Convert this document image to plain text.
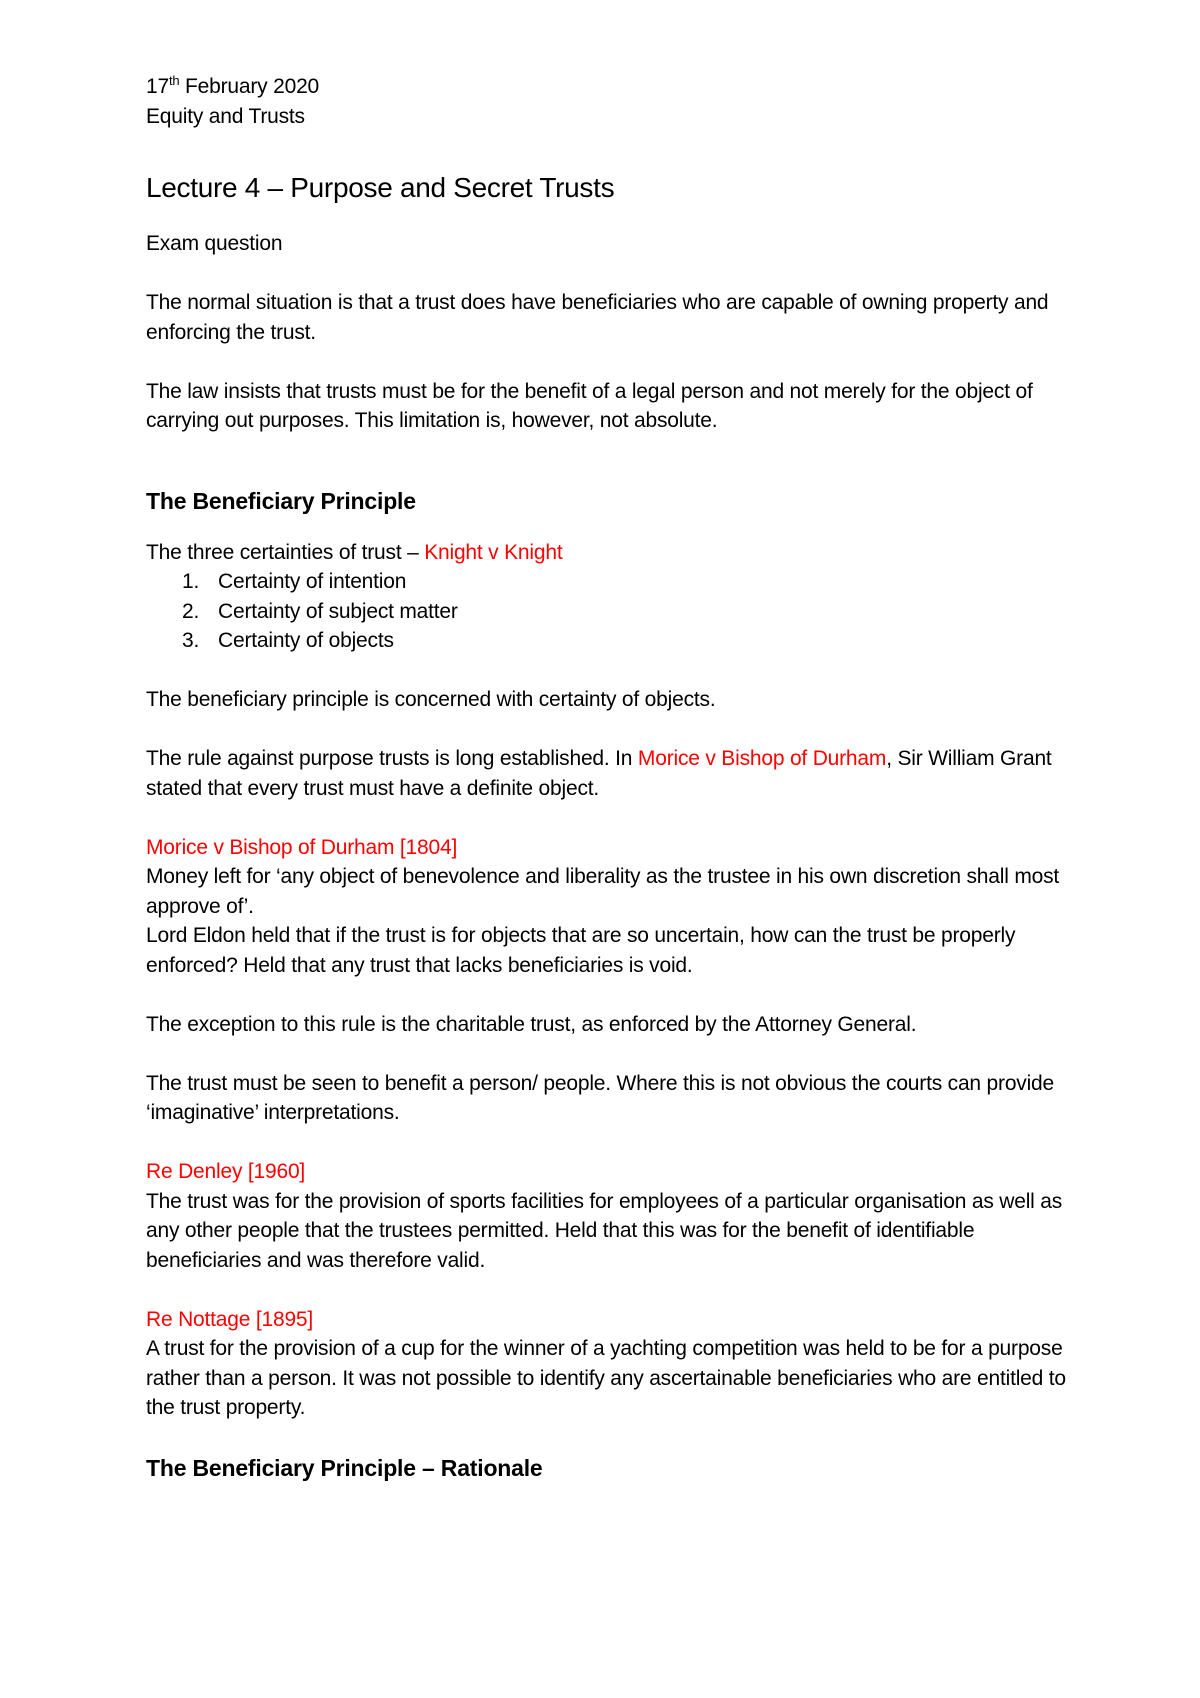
17th February 2020

Equity and Trusts

Lecture 4 – Purpose and Secret Trusts

Exam question

The normal situation is that a trust does have beneficiaries who are capable of owning property and enforcing the trust.

The law insists that trusts must be for the benefit of a legal person and not merely for the object of carrying out purposes. This limitation is, however, not absolute.

The Beneficiary Principle

The three certainties of trust – Knight v Knight

1. Certainty of intention
2. Certainty of subject matter
3. Certainty of objects

The beneficiary principle is concerned with certainty of objects.

The rule against purpose trusts is long established. In Morice v Bishop of Durham, Sir William Grant stated that every trust must have a definite object.

Morice v Bishop of Durham [1804]

Money left for ‘any object of benevolence and liberality as the trustee in his own discretion shall most approve of’.

Lord Eldon held that if the trust is for objects that are so uncertain, how can the trust be properly enforced? Held that any trust that lacks beneficiaries is void.

The exception to this rule is the charitable trust, as enforced by the Attorney General.

The trust must be seen to benefit a person/ people. Where this is not obvious the courts can provide ‘imaginative’ interpretations.

Re Denley [1960]

The trust was for the provision of sports facilities for employees of a particular organisation as well as any other people that the trustees permitted. Held that this was for the benefit of identifiable beneficiaries and was therefore valid.

Re Nottage [1895]

A trust for the provision of a cup for the winner of a yachting competition was held to be for a purpose rather than a person. It was not possible to identify any ascertainable beneficiaries who are entitled to the trust property.

The Beneficiary Principle – Rationale
